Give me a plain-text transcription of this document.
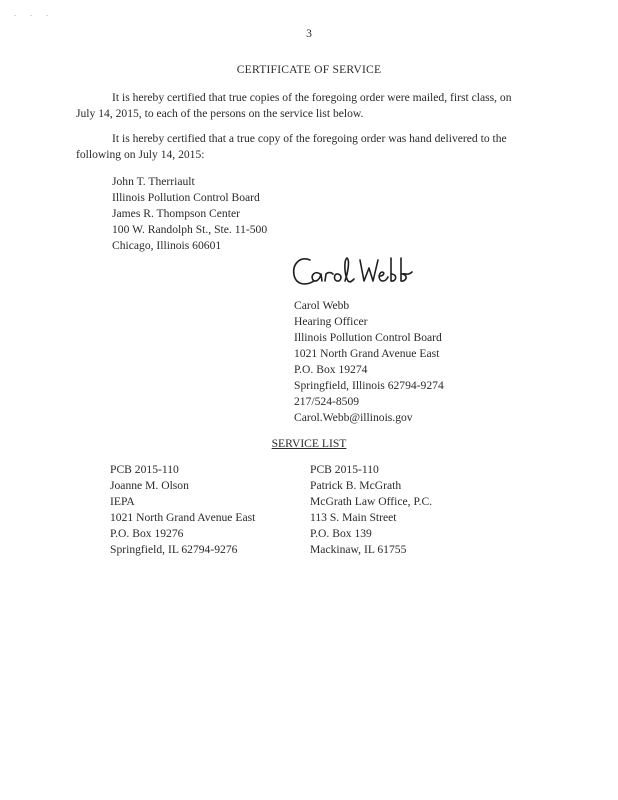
. . .
3
CERTIFICATE OF SERVICE
It is hereby certified that true copies of the foregoing order were mailed, first class, on
July 14, 2015, to each of the persons on the service list below.
It is hereby certified that a true copy of the foregoing order was hand delivered to the
following on July 14, 2015:
John T. Therriault
Illinois Pollution Control Board
James R. Thompson Center
100 W. Randolph St., Ste. 11-500
Chicago, Illinois 60601
Carol Webb
Hearing Officer
Illinois Pollution Control Board
1021 North Grand Avenue East
P.O. Box 19274
Springfield, Illinois 62794-9274
217/524-8509
Carol.Webb@illinois.gov
SERVICE LIST
PCB 2015-110
Joanne M. Olson
IEPA
1021 North Grand Avenue East
P.O. Box 19276
Springfield, IL 62794-9276
PCB 2015-110
Patrick B. McGrath
McGrath Law Office, P.C.
113 S. Main Street
P.O. Box 139
Mackinaw, IL 61755
